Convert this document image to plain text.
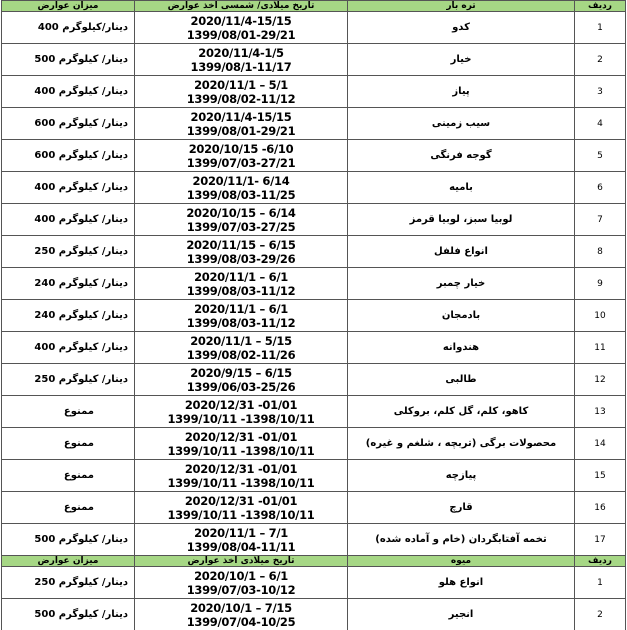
میزان عوارض	تاریخ میلادی/ شمسی اخذ عوارض	تره بار	ردیف
400 دینار/کیلوگرم	2020/11/4-15/15
1399/08/01-29/21	کدو	1
500 دینار/ کیلوگرم	2020/11/4-1/5
1399/08/1-11/17	خیار	2
400 دینار/ کیلوگرم	2020/11/1 – 5/1
1399/08/02-11/12	پیاز	3
600 دینار/ کیلوگرم	2020/11/4-15/15
1399/08/01-29/21	سیب زمینی	4
600 دینار/ کیلوگرم	2020/10/15 -6/10
1399/07/03-27/21	گوجه فرنگی	5
400 دینار/ کیلوگرم	2020/11/1- 6/14
1399/08/03-11/25	بامیه	6
400 دینار/ کیلوگرم	2020/10/15 – 6/14
1399/07/03-27/25	لوبیا سبز، لوبیا قرمز	7
250 دینار/ کیلوگرم	2020/11/15 – 6/15
1399/08/03-29/26	انواع فلفل	8
240 دینار/ کیلوگرم	2020/11/1 – 6/1
1399/08/03-11/12	خیار چمبر	9
240 دینار/ کیلوگرم	2020/11/1 – 6/1
1399/08/03-11/12	بادمجان	10
400 دینار/ کیلوگرم	2020/11/1 – 5/15
1399/08/02-11/26	هندوانه	11
250 دینار/ کیلوگرم	2020/9/15 – 6/15
1399/06/03-25/26	طالبی	12
ممنوع	2020/12/31 -01/01
1399/10/11 -1398/10/11	کاهو، کلم، گل کلم، بروکلی	13
ممنوع	2020/12/31 -01/01
1399/10/11 -1398/10/11	محصولات برگی (تربچه ، شلغم و غیره)	14
ممنوع	2020/12/31 -01/01
1399/10/11 -1398/10/11	پیازچه	15
ممنوع	2020/12/31 -01/01
1399/10/11 -1398/10/11	قارچ	16
500 دینار/ کیلوگرم	2020/11/1 – 7/1
1399/08/04-11/11	تخمه آفتابگردان (خام و آماده شده)	17
میزان عوارض	تاریخ میلادی اخذ عوارض	میوه	ردیف
250 دینار/ کیلوگرم	2020/10/1 – 6/1
1399/07/03-10/12	انواع هلو	1
500 دینار/ کیلوگرم	2020/10/1 – 7/15
1399/07/04-10/25	انجیر	2
